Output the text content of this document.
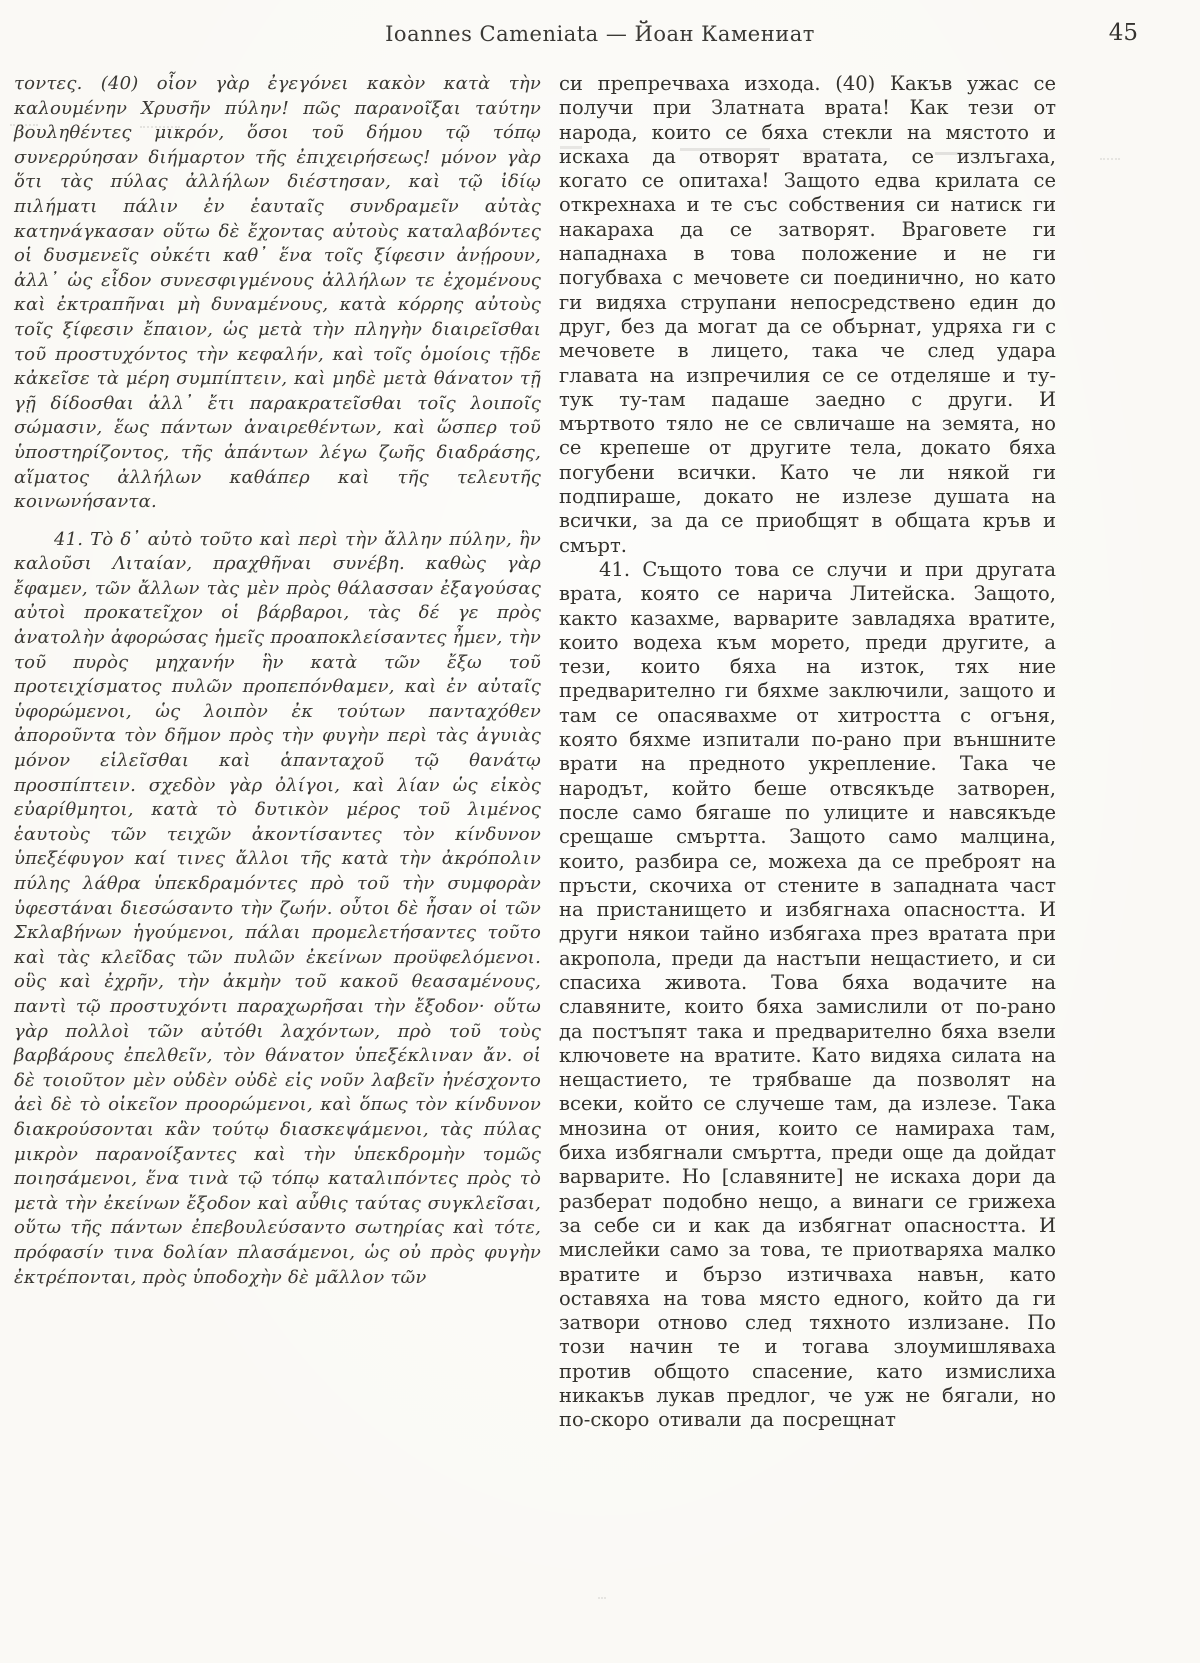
Ioannes Cameniata — Йоан Камениат	45

τοντες. (40) οἷον γὰρ ἐγεγόνει κακὸν κατὰ τὴν καλουμένην Χρυσῆν πύλην! πῶς παρανοῖξαι ταύτην βουληθέντες μικρόν, ὅσοι τοῦ δήμου τῷ τόπῳ συνερρύησαν διήμαρτον τῆς ἐπιχειρήσεως! μόνον γὰρ ὅτι τὰς πύλας ἀλλήλων διέστησαν, καὶ τῷ ἰδίῳ πιλήματι πάλιν ἐν ἑαυταῖς συνδραμεῖν αὐτὰς κατηνάγκασαν οὕτω δὲ ἔχοντας αὐτοὺς καταλαβόντες οἱ δυσμενεῖς οὐκέτι καθ᾽ ἕνα τοῖς ξίφεσιν ἀνῄρουν, ἀλλ᾽ ὡς εἶδον συνεσφιγμένους ἀλλήλων τε ἐχομένους καὶ ἐκτραπῆναι μὴ δυναμένους, κατὰ κόρρης αὐτοὺς τοῖς ξίφεσιν ἔπαιον, ὡς μετὰ τὴν πληγὴν διαιρεῖσθαι τοῦ προστυχόντος τὴν κεφαλήν, καὶ τοῖς ὁμοίοις τῇδε κἀκεῖσε τὰ μέρη συμπίπτειν, καὶ μηδὲ μετὰ θάνατον τῇ γῇ δίδοσθαι ἀλλ᾽ ἔτι παρακρατεῖσθαι τοῖς λοιποῖς σώμασιν, ἕως πάντων ἀναιρεθέντων, καὶ ὥσπερ τοῦ ὑποστηρίζοντος, τῆς ἁπάντων λέγω ζωῆς διαδράσης, αἵματος ἀλλήλων καθάπερ καὶ τῆς τελευτῆς κοινωνήσαντα.

41. Τὸ δ᾽ αὐτὸ τοῦτο καὶ περὶ τὴν ἄλλην πύλην, ἣν καλοῦσι Λιταίαν, πραχθῆναι συνέβη. καθὼς γὰρ ἔφαμεν, τῶν ἄλλων τὰς μὲν πρὸς θάλασσαν ἐξαγούσας αὐτοὶ προκατεῖχον οἱ βάρβαροι, τὰς δέ γε πρὸς ἀνατολὴν ἀφορώσας ἡμεῖς προαποκλείσαντες ἦμεν, τὴν τοῦ πυρὸς μηχανήν ἣν κατὰ τῶν ἔξω τοῦ προτειχίσματος πυλῶν προπεπόνθαμεν, καὶ ἐν αὐταῖς ὑφορώμενοι, ὡς λοιπὸν ἐκ τούτων πανταχόθεν ἀποροῦντα τὸν δῆμον πρὸς τὴν φυγὴν περὶ τὰς ἀγυιὰς μόνον εἱλεῖσθαι καὶ ἁπανταχοῦ τῷ θανάτῳ προσπίπτειν. σχεδὸν γὰρ ὀλίγοι, καὶ λίαν ὡς εἰκὸς εὐαρίθμητοι, κατὰ τὸ δυτικὸν μέρος τοῦ λιμένος ἑαυτοὺς τῶν τειχῶν ἀκοντίσαντες τὸν κίνδυνον ὑπεξέφυγον καί τινες ἄλλοι τῆς κατὰ τὴν ἀκρόπολιν πύλης λάθρα ὑπεκδραμόντες πρὸ τοῦ τὴν συμφορὰν ὑφεστάναι διεσώσαντο τὴν ζωήν. οὗτοι δὲ ἦσαν οἱ τῶν Σκλαβήνων ἡγούμενοι, πάλαι προμελετήσαντες τοῦτο καὶ τὰς κλεῖδας τῶν πυλῶν ἐκείνων προϋφελόμενοι. οὓς καὶ ἐχρῆν, τὴν ἀκμὴν τοῦ κακοῦ θεασαμένους, παντὶ τῷ προστυχόντι παραχωρῆσαι τὴν ἔξοδον· οὕτω γὰρ πολλοὶ τῶν αὐτόθι λαχόντων, πρὸ τοῦ τοὺς βαρβάρους ἐπελθεῖν, τὸν θάνατον ὑπεξέκλιναν ἄν. οἱ δὲ τοιοῦτον μὲν οὐδὲν οὐδὲ εἰς νοῦν λαβεῖν ἠνέσχοντο ἀεὶ δὲ τὸ οἰκεῖον προορώμενοι, καὶ ὅπως τὸν κίνδυνον διακρούσονται κἂν τούτῳ διασκεψάμενοι, τὰς πύλας μικρὸν παρανοίξαντες καὶ τὴν ὑπεκδρομὴν τομῶς ποιησάμενοι, ἕνα τινὰ τῷ τόπῳ καταλιπόντες πρὸς τὸ μετὰ τὴν ἐκείνων ἔξοδον καὶ αὖθις ταύτας συγκλεῖσαι, οὕτω τῆς πάντων ἐπεβουλεύσαντο σωτηρίας καὶ τότε, πρόφασίν τινα δολίαν πλασάμενοι, ὡς οὐ πρὸς φυγὴν ἐκτρέπονται, πρὸς ὑποδοχὴν δὲ μᾶλλον τῶν

си препречваха изхода. (40) Какъв ужас се получи при Златната врата! Как тези от народа, които се бяха стекли на мястото и искаха да отворят вратата, се излъгаха, когато се опитаха! Защото едва крилата се открехнаха и те със собствения си натиск ги накараха да се затворят. Враговете ги нападнаха в това положение и не ги погубваха с мечовете си поединично, но като ги видяха струпани непосредствено един до друг, без да могат да се обърнат, удряха ги с мечовете в лицето, така че след удара главата на изпречилия се се отделяше и ту-тук ту-там падаше заедно с други. И мъртвото тяло не се свличаше на земята, но се крепеше от другите тела, докато бяха погубени всички. Като че ли някой ги подпираше, докато не излезе душата на всички, за да се приобщят в общата кръв и смърт.

41. Същото това се случи и при другата врата, която се нарича Литейска. Защото, както казахме, варварите завладяха вратите, които водеха към морето, преди другите, а тези, които бяха на изток, тях ние предварително ги бяхме заключили, защото и там се опасявахме от хитростта с огъня, която бяхме изпитали по-рано при външните врати на предното укрепление. Така че народът, който беше отвсякъде затворен, после само бягаше по улиците и навсякъде срещаше смъртта. Защото само малцина, които, разбира се, можеха да се преброят на пръсти, скочиха от стените в западната част на пристанището и избягнаха опасността. И други някои тайно избягаха през вратата при акропола, преди да настъпи нещастието, и си спасиха живота. Това бяха водачите на славяните, които бяха замислили от по-рано да постъпят така и предварително бяха взели ключовете на вратите. Като видяха силата на нещастието, те трябваше да позволят на всеки, който се случеше там, да излезе. Така мнозина от ония, които се намираха там, биха избягнали смъртта, преди още да дойдат варварите. Но [славяните] не искаха дори да разберат подобно нещо, а винаги се грижеха за себе си и как да избягнат опасността. И мислейки само за това, те приотваряха малко вратите и бързо изтичваха навън, като оставяха на това място едного, който да ги затвори отново след тяхното излизане. По този начин те и тогава злоумишляваха против общото спасение, като измислиха никакъв лукав предлог, че уж не бягали, но по-скоро отивали да посрещнат
